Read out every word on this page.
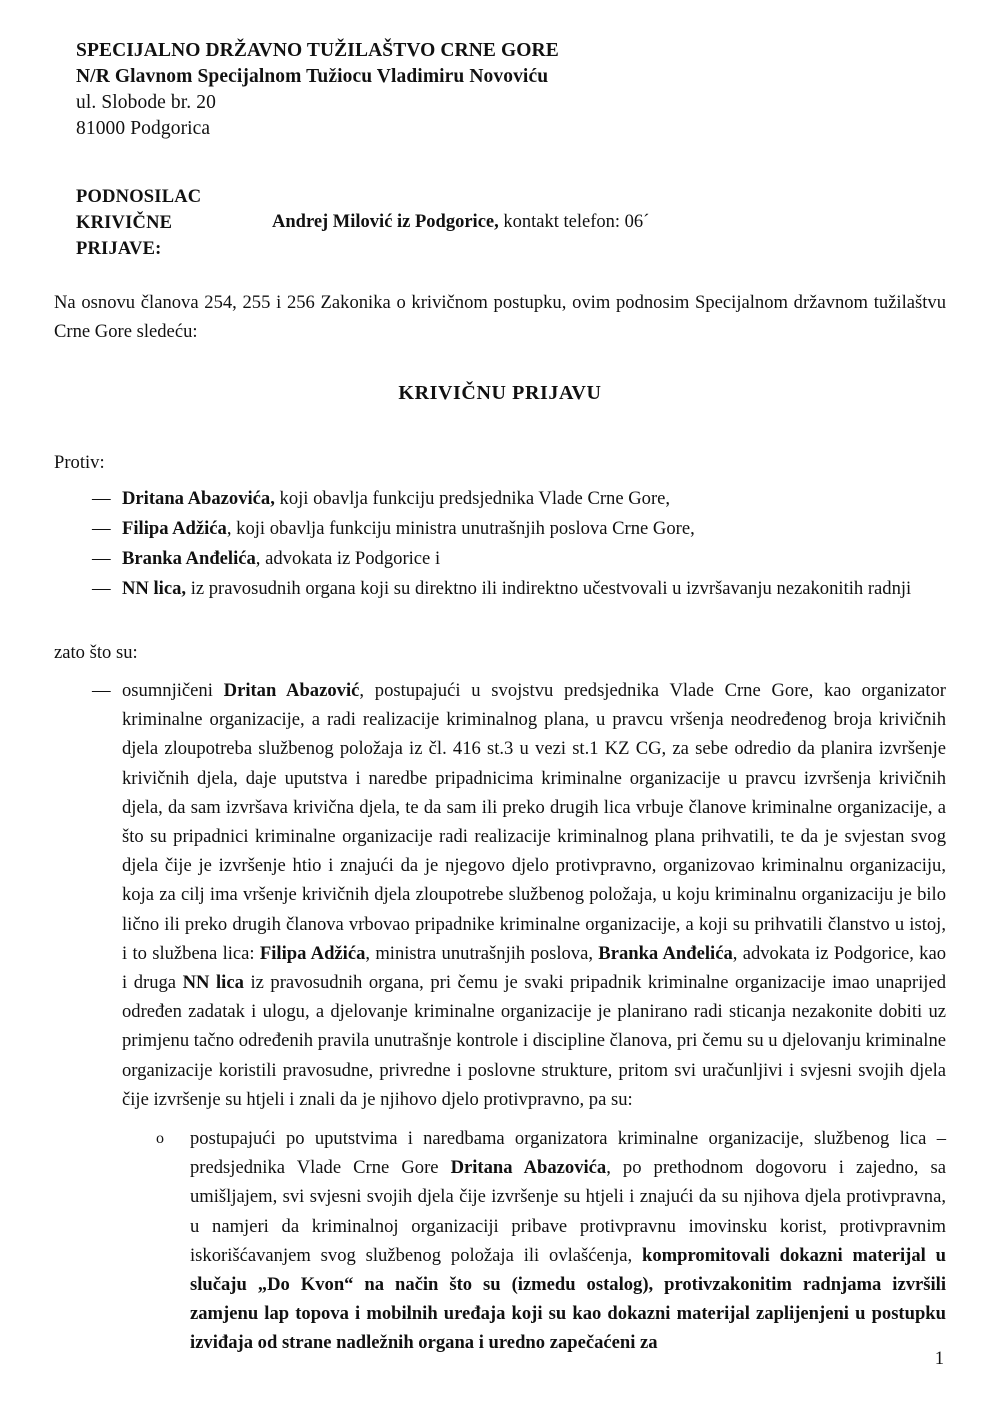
SPECIJALNO DRŽAVNO TUŽILAŠTVO CRNE GORE
N/R Glavnom Specijalnom Tužiocu Vladimiru Novoviću
ul. Slobode br. 20
81000 Podgorica
PODNOSILAC
KRIVIČNE
PRIJAVE:
Andrej Milović iz Podgorice, kontakt telefon: 06´
Na osnovu članova 254, 255 i 256 Zakonika o krivičnom postupku, ovim podnosim Specijalnom državnom tužilaštvu Crne Gore sledeću:
KRIVIČNU PRIJAVU
Protiv:
— Dritana Abazovića, koji obavlja funkciju predsjednika Vlade Crne Gore,
— Filipa Adžića, koji obavlja funkciju ministra unutrašnjih poslova Crne Gore,
— Branka Anđelića, advokata iz Podgorice i
— NN lica, iz pravosudnih organa koji su direktno ili indirektno učestvovali u izvršavanju nezakonitih radnji
zato što su:
— osumnjičeni Dritan Abazović, postupajući u svojstvu predsjednika Vlade Crne Gore, kao organizator kriminalne organizacije, a radi realizacije kriminalnog plana, u pravcu vršenja neodređenog broja krivičnih djela zloupotreba službenog položaja iz čl. 416 st.3 u vezi st.1 KZ CG, za sebe odredio da planira izvršenje krivičnih djela, daje uputstva i naredbe pripadnicima kriminalne organizacije u pravcu izvršenja krivičnih djela, da sam izvršava krivična djela, te da sam ili preko drugih lica vrbuje članove kriminalne organizacije, a što su pripadnici kriminalne organizacije radi realizacije kriminalnog plana prihvatili, te da je svjestan svog djela čije je izvršenje htio i znajući da je njegovo djelo protivpravno, organizovao kriminalnu organizaciju, koja za cilj ima vršenje krivičnih djela zloupotrebe službenog položaja, u koju kriminalnu organizaciju je bilo lično ili preko drugih članova vrbovao pripadnike kriminalne organizacije, a koji su prihvatili članstvo u istoj, i to službena lica: Filipa Adžića, ministra unutrašnjih poslova, Branka Anđelića, advokata iz Podgorice, kao i druga NN lica iz pravosudnih organa, pri čemu je svaki pripadnik kriminalne organizacije imao unaprijed određen zadatak i ulogu, a djelovanje kriminalne organizacije je planirano radi sticanja nezakonite dobiti uz primjenu tačno određenih pravila unutrašnje kontrole i discipline članova, pri čemu su u djelovanju kriminalne organizacije koristili pravosudne, privredne i poslovne strukture, pritom svi uračunljivi i svjesni svojih djela čije izvršenje su htjeli i znali da je njihovo djelo protivpravno, pa su:
o	postupajući po uputstvima i naredbama organizatora kriminalne organizacije, službenog lica – predsjednika Vlade Crne Gore Dritana Abazovića, po prethodnom dogovoru i zajedno, sa umišljajem, svi svjesni svojih djela čije izvršenje su htjeli i znajući da su njihova djela protivpravna, u namjeri da kriminalnoj organizaciji pribave protivpravnu imovinsku korist, protivpravnim iskorišćavanjem svog službenog položaja ili ovlašćenja, kompromitovali dokazni materijal u slučaju „Do Kvon“ na način što su (izmedu ostalog), protivzakonitim radnjama izvršili zamjenu lap topova i mobilnih uređaja koji su kao dokazni materijal zaplijenjeni u postupku izviđaja od strane nadležnih organa i uredno zapečaćeni za
1
